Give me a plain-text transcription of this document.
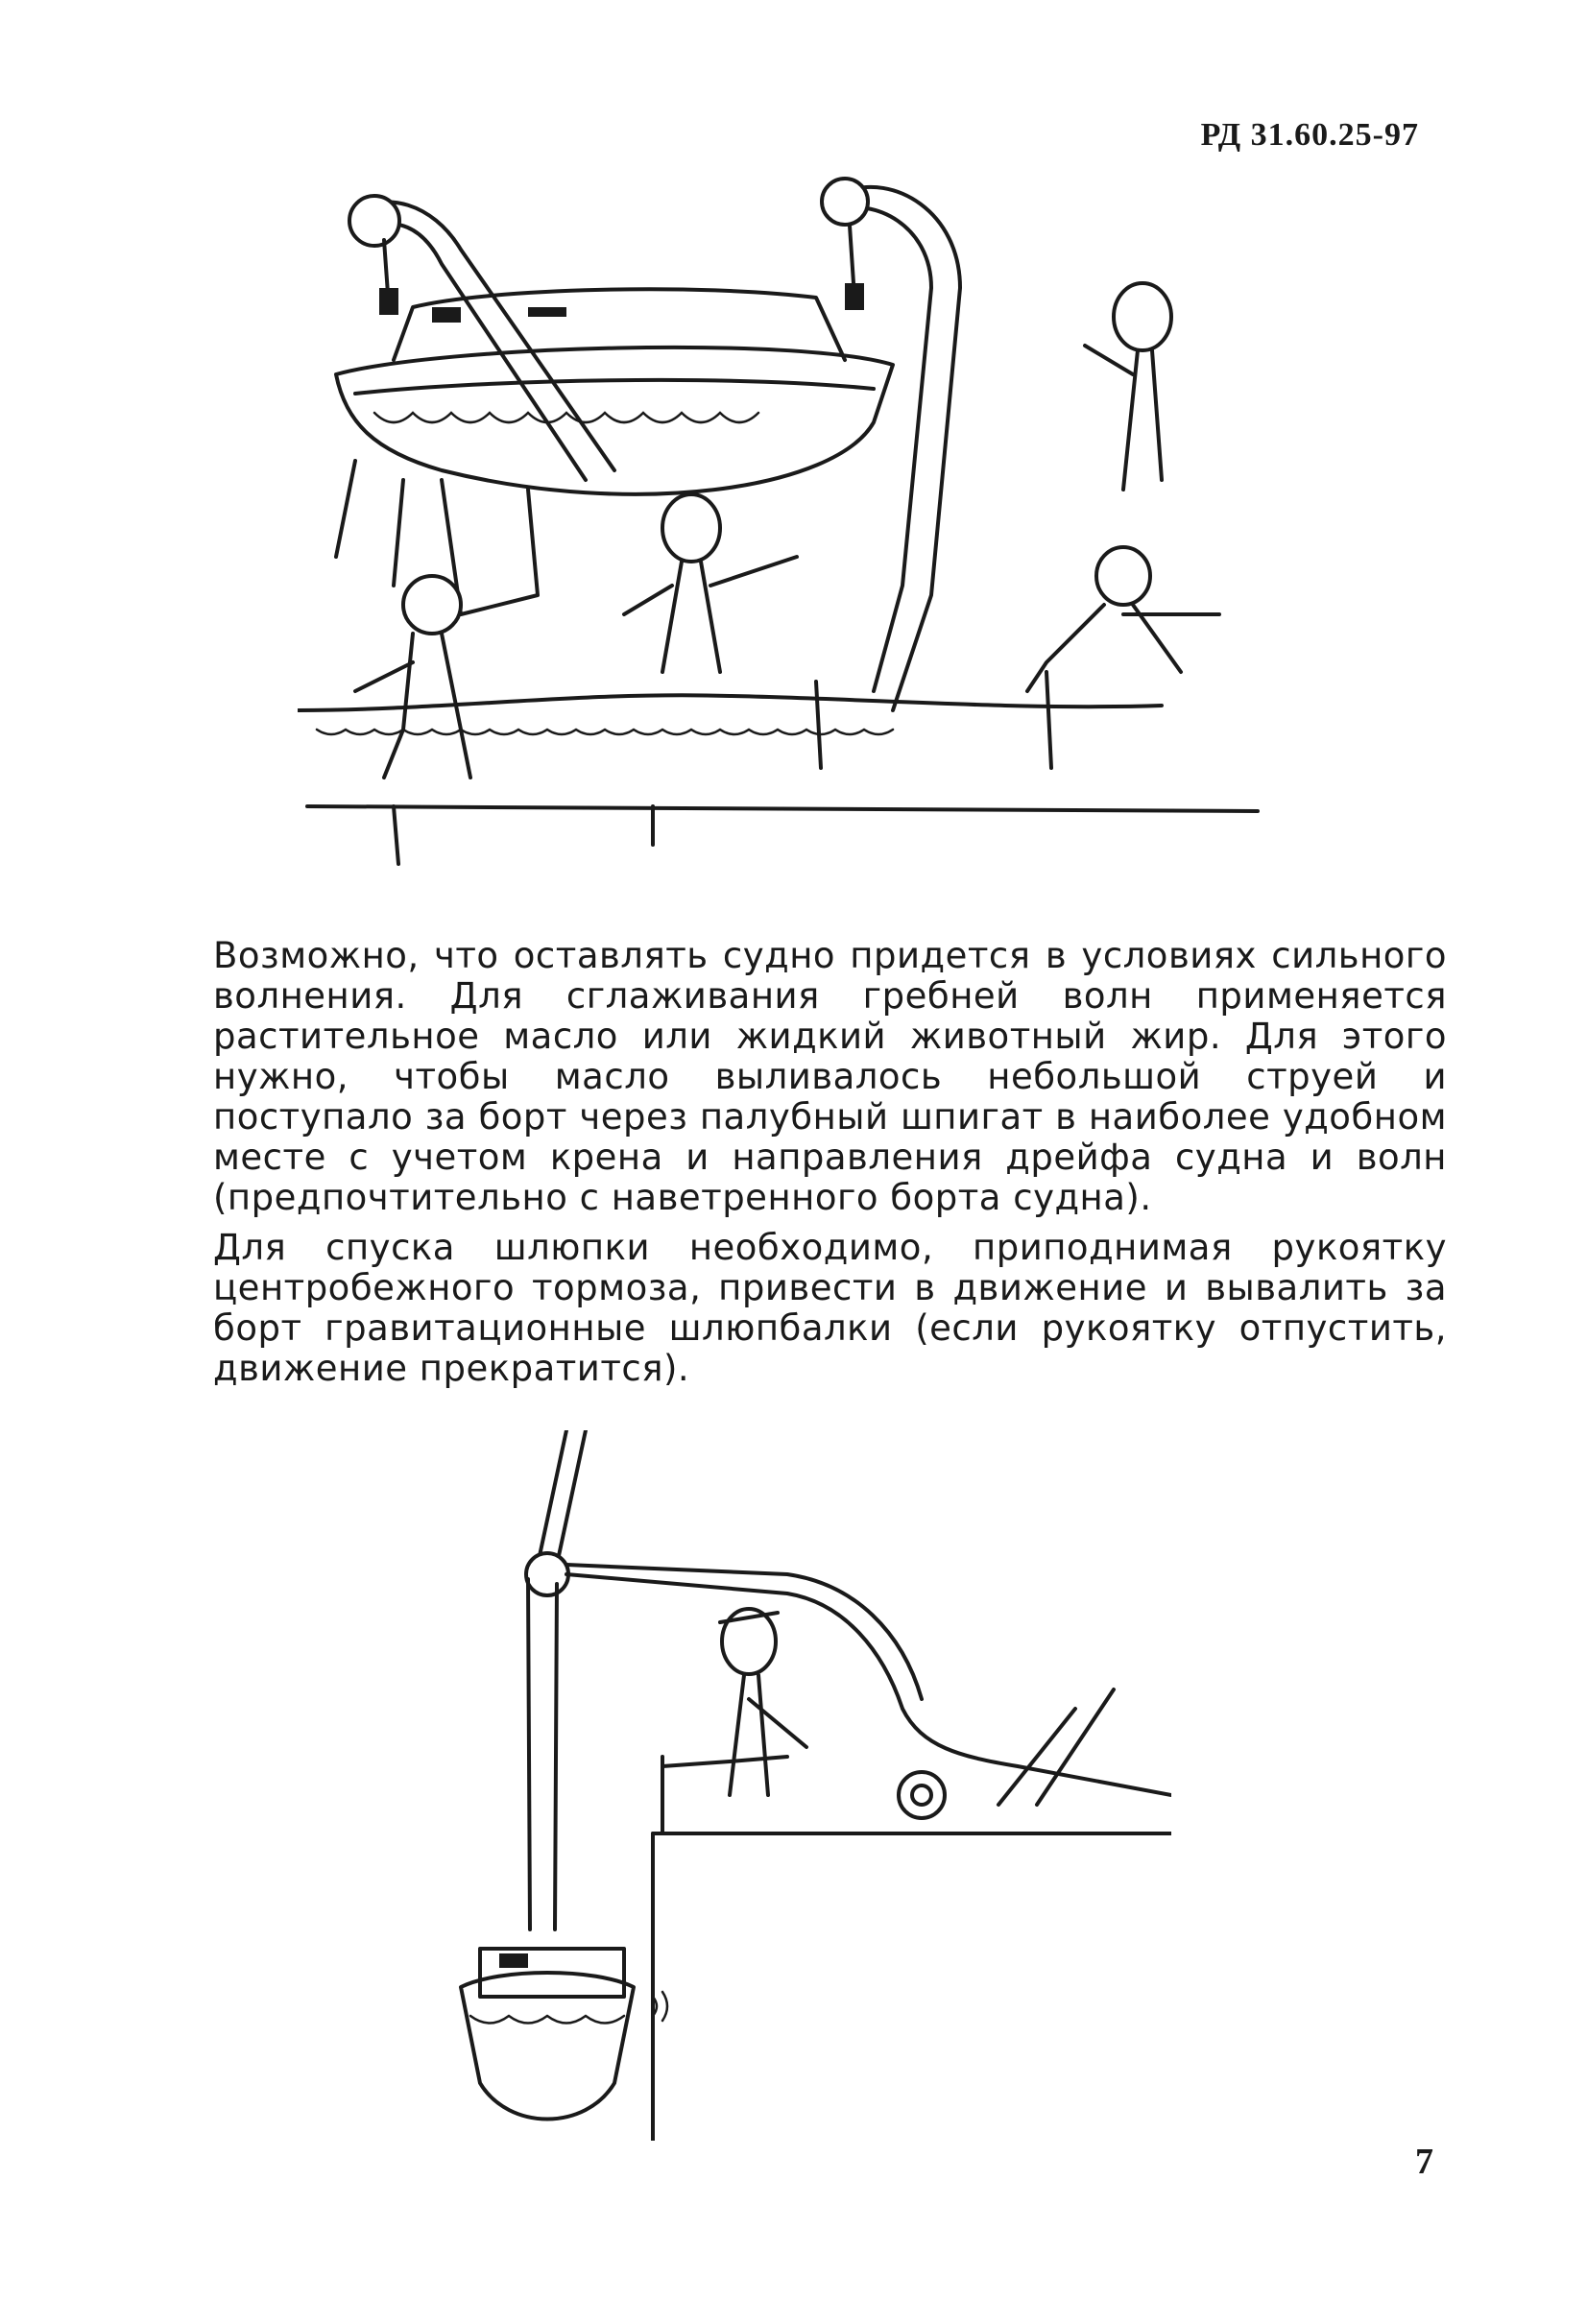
РД 31.60.25-97

Возможно, что оставлять судно придется в условиях сильного волнения. Для сглаживания гребней волн применяется растительное масло или жидкий животный жир. Для этого нужно, чтобы масло выливалось небольшой струей и поступало за борт через палубный шпигат в наиболее удобном месте с учетом крена и направления дрейфа судна и волн (предпочтительно с наветренного борта судна).

Для спуска шлюпки необходимо, приподнимая рукоятку центробежного тормоза, привести в движение и вывалить за борт гравитационные шлюпбалки (если рукоятку отпустить, движение прекратится).

7
